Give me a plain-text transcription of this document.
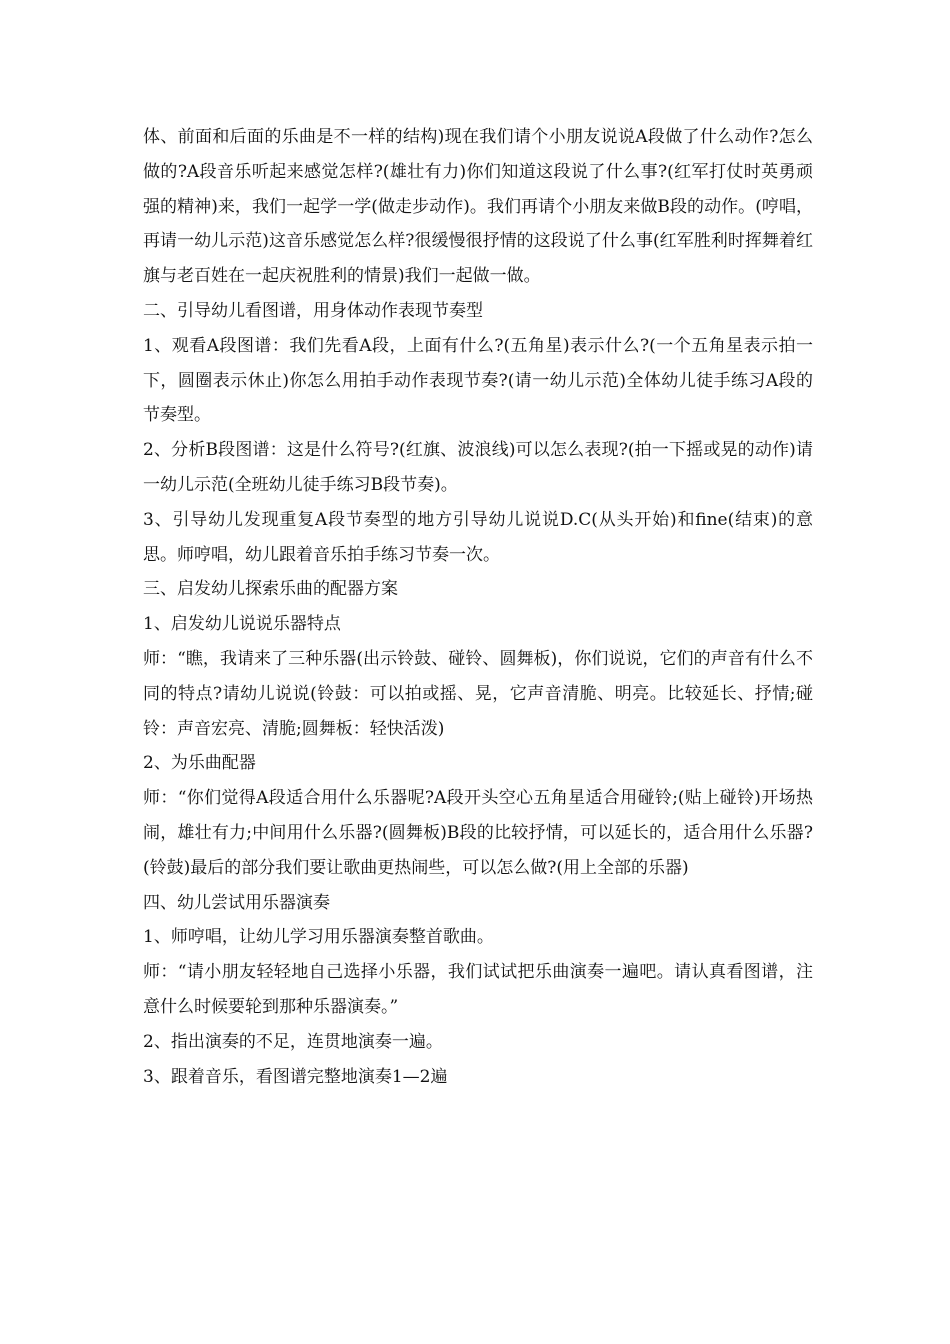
体、前面和后面的乐曲是不一样的结构)现在我们请个小朋友说说A段做了什么动作?怎么做的?A段音乐听起来感觉怎样?(雄壮有力)你们知道这段说了什么事?(红军打仗时英勇顽强的精神)来，我们一起学一学(做走步动作)。我们再请个小朋友来做B段的动作。(哼唱，再请一幼儿示范)这音乐感觉怎么样?很缓慢很抒情的这段说了什么事(红军胜利时挥舞着红旗与老百姓在一起庆祝胜利的情景)我们一起做一做。

二、引导幼儿看图谱，用身体动作表现节奏型

1、观看A段图谱：我们先看A段，上面有什么?(五角星)表示什么?(一个五角星表示拍一下，圆圈表示休止)你怎么用拍手动作表现节奏?(请一幼儿示范)全体幼儿徒手练习A段的节奏型。

2、分析B段图谱：这是什么符号?(红旗、波浪线)可以怎么表现?(拍一下摇或晃的动作)请一幼儿示范(全班幼儿徒手练习B段节奏)。

3、引导幼儿发现重复A段节奏型的地方引导幼儿说说D.C(从头开始)和fine(结束)的意思。师哼唱，幼儿跟着音乐拍手练习节奏一次。

三、启发幼儿探索乐曲的配器方案

1、启发幼儿说说乐器特点

师：“瞧，我请来了三种乐器(出示铃鼓、碰铃、圆舞板)，你们说说，它们的声音有什么不同的特点?请幼儿说说(铃鼓：可以拍或摇、晃，它声音清脆、明亮。比较延长、抒情;碰铃：声音宏亮、清脆;圆舞板：轻快活泼)

2、为乐曲配器

师：“你们觉得A段适合用什么乐器呢?A段开头空心五角星适合用碰铃;(贴上碰铃)开场热闹，雄壮有力;中间用什么乐器?(圆舞板)B段的比较抒情，可以延长的，适合用什么乐器?(铃鼓)最后的部分我们要让歌曲更热闹些，可以怎么做?(用上全部的乐器)

四、幼儿尝试用乐器演奏

1、师哼唱，让幼儿学习用乐器演奏整首歌曲。

师：“请小朋友轻轻地自己选择小乐器，我们试试把乐曲演奏一遍吧。请认真看图谱，注意什么时候要轮到那种乐器演奏。”

2、指出演奏的不足，连贯地演奏一遍。

3、跟着音乐，看图谱完整地演奏1—2遍
